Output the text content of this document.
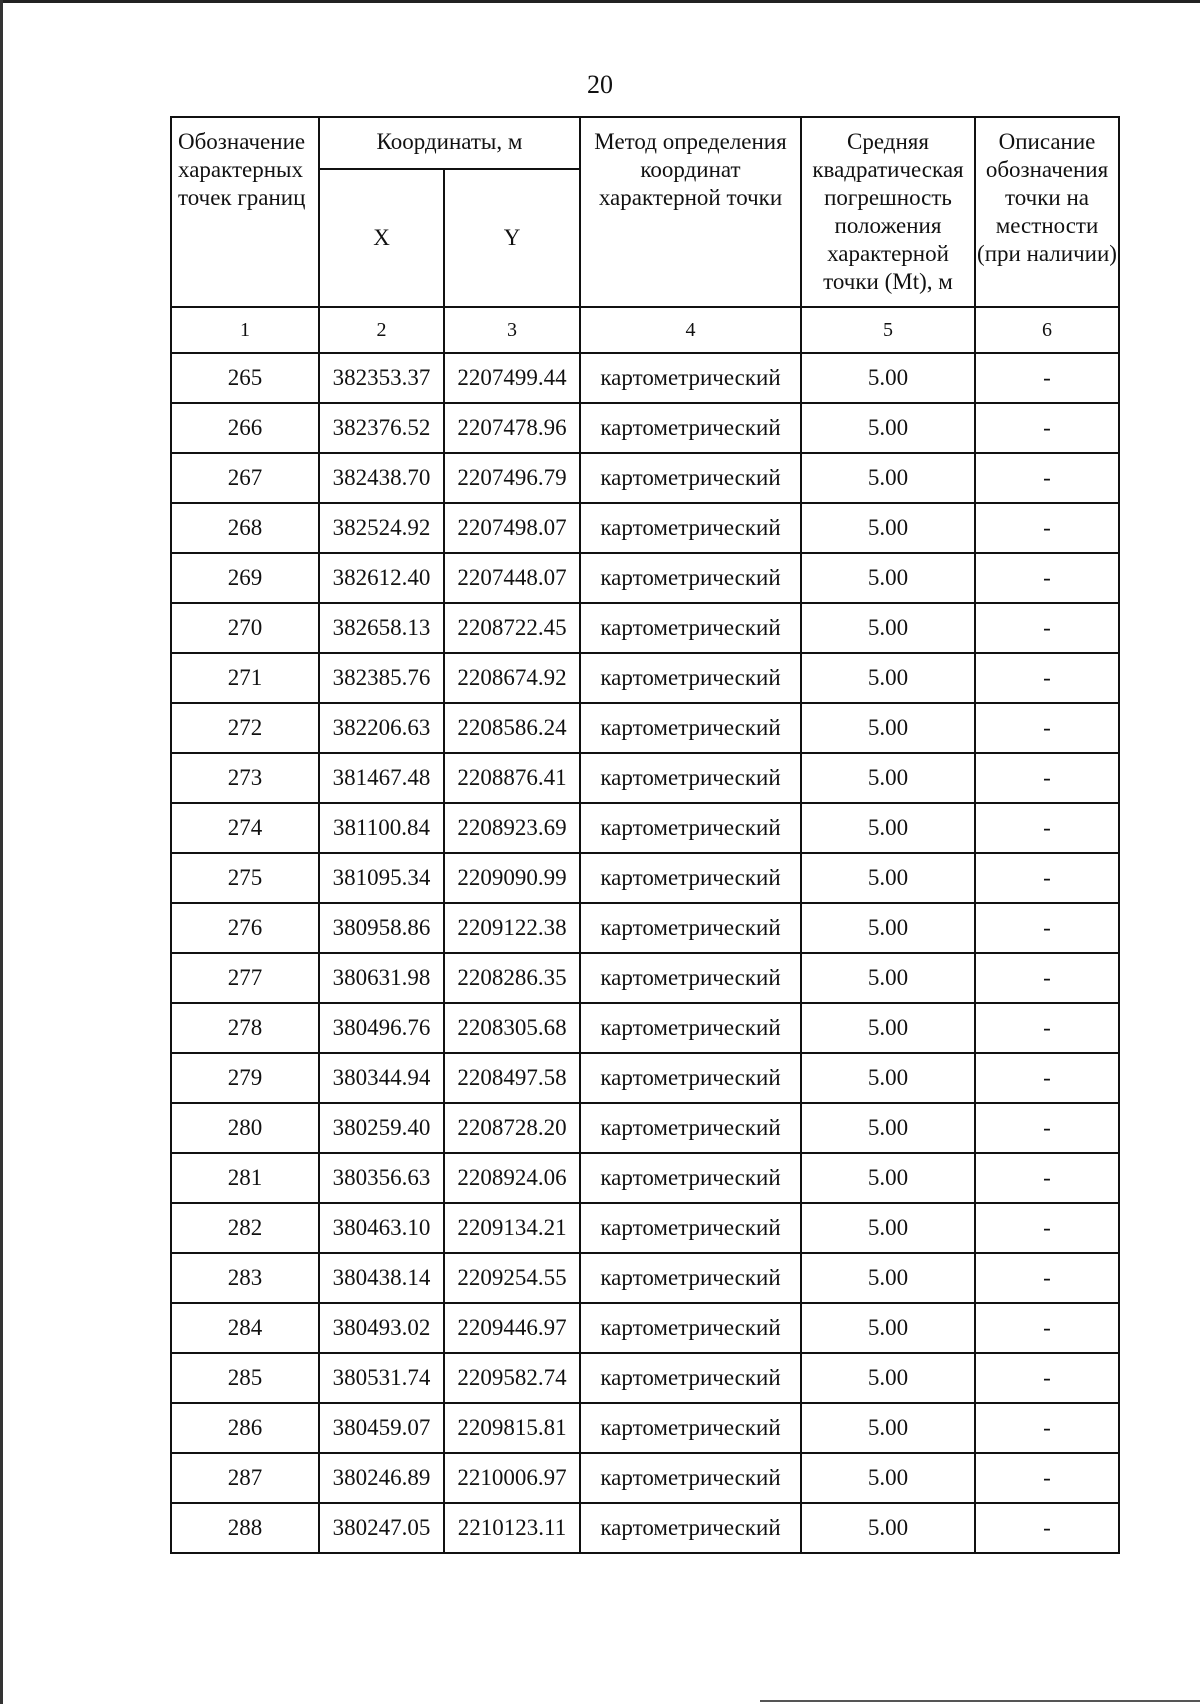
20
Обозначение характерных точек границ	Координаты, м		Метод определения координат характерной точки	Средняя квадратическая погрешность положения характерной точки (Mt), м	Описание обозначения точки на местности (при наличии)
	X	Y			
1	2	3	4	5	6
265	382353.37	2207499.44	картометрический	5.00	-
266	382376.52	2207478.96	картометрический	5.00	-
267	382438.70	2207496.79	картометрический	5.00	-
268	382524.92	2207498.07	картометрический	5.00	-
269	382612.40	2207448.07	картометрический	5.00	-
270	382658.13	2208722.45	картометрический	5.00	-
271	382385.76	2208674.92	картометрический	5.00	-
272	382206.63	2208586.24	картометрический	5.00	-
273	381467.48	2208876.41	картометрический	5.00	-
274	381100.84	2208923.69	картометрический	5.00	-
275	381095.34	2209090.99	картометрический	5.00	-
276	380958.86	2209122.38	картометрический	5.00	-
277	380631.98	2208286.35	картометрический	5.00	-
278	380496.76	2208305.68	картометрический	5.00	-
279	380344.94	2208497.58	картометрический	5.00	-
280	380259.40	2208728.20	картометрический	5.00	-
281	380356.63	2208924.06	картометрический	5.00	-
282	380463.10	2209134.21	картометрический	5.00	-
283	380438.14	2209254.55	картометрический	5.00	-
284	380493.02	2209446.97	картометрический	5.00	-
285	380531.74	2209582.74	картометрический	5.00	-
286	380459.07	2209815.81	картометрический	5.00	-
287	380246.89	2210006.97	картометрический	5.00	-
288	380247.05	2210123.11	картометрический	5.00	-
